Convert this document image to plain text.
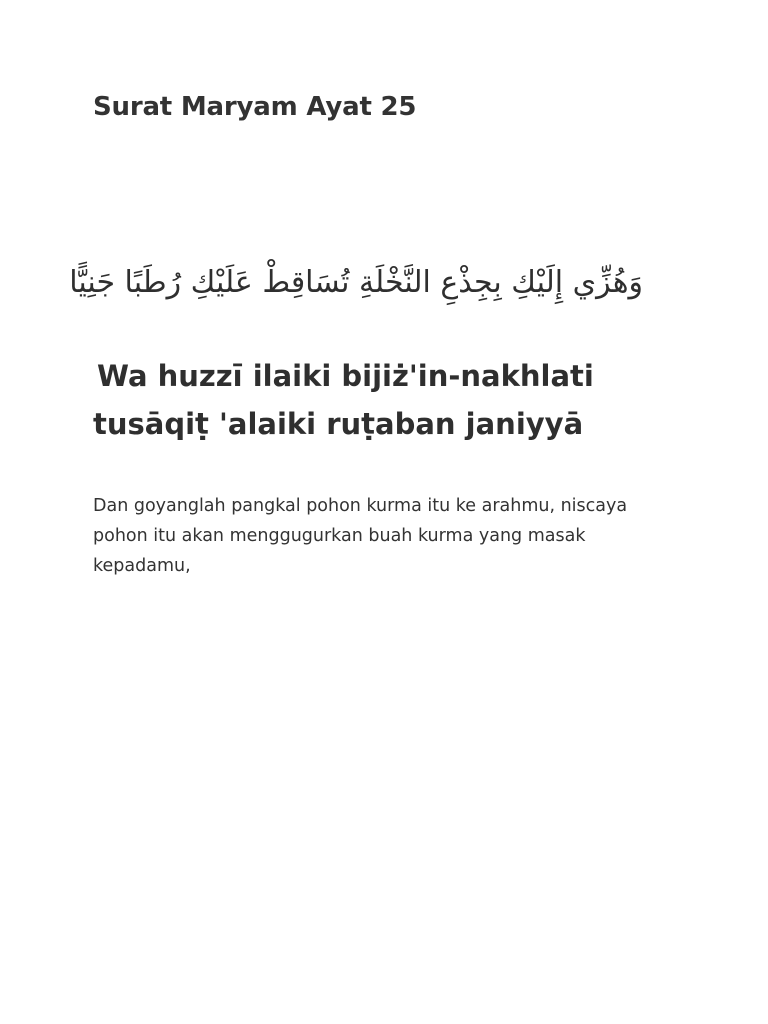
Surat Maryam Ayat 25

وَهُزِّي إِلَيْكِ بِجِذْعِ النَّخْلَةِ تُسَاقِطْ عَلَيْكِ رُطَبًا جَنِيًّا

Wa huzzī ilaiki bijiż'in-nakhlati tusāqiṭ 'alaiki ruṭaban janiyyā

Dan goyanglah pangkal pohon kurma itu ke arahmu, niscaya pohon itu akan menggugurkan buah kurma yang masak kepadamu,
